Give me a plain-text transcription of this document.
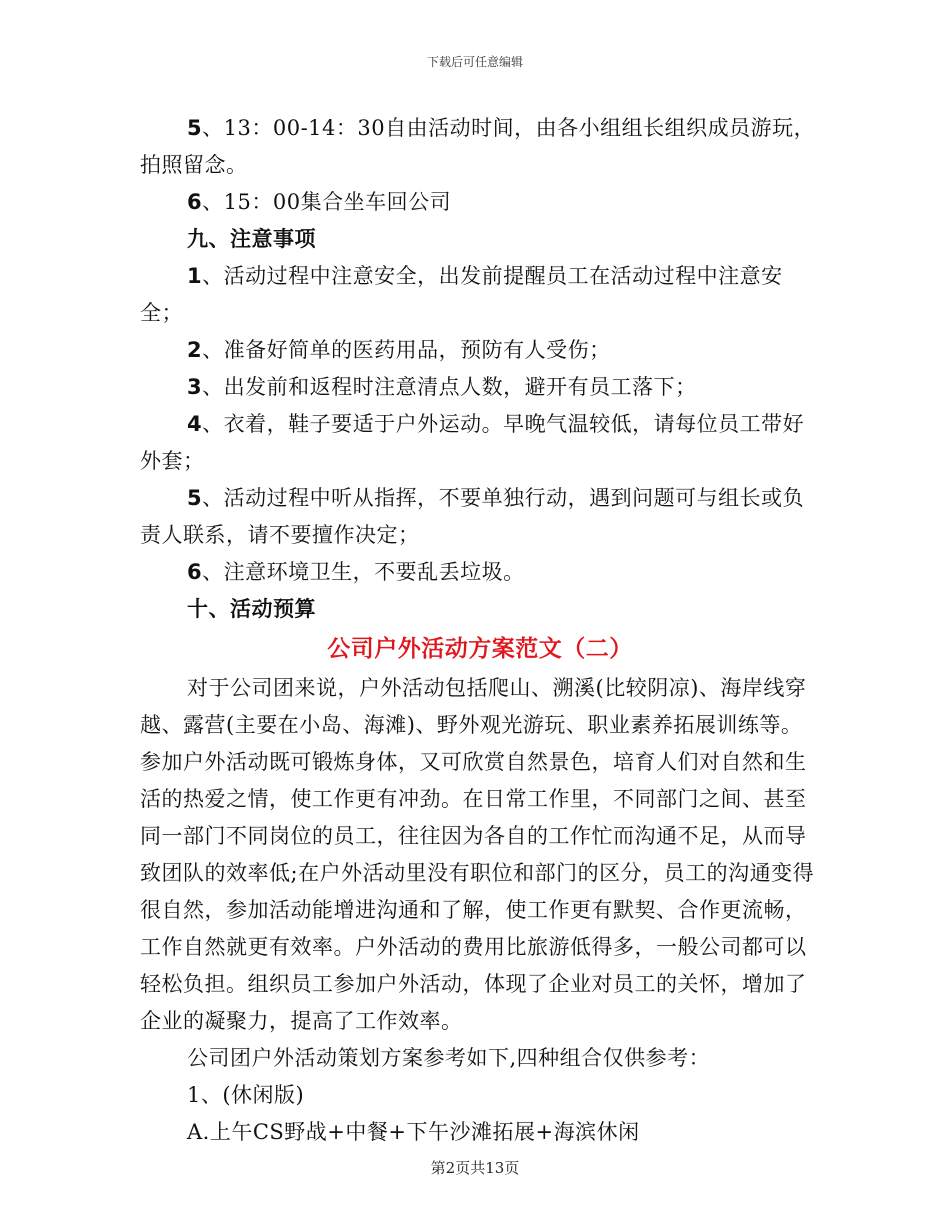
下载后可任意编辑

5、13：00-14：30自由活动时间，由各小组组长组织成员游玩，拍照留念。

6、15：00集合坐车回公司

九、注意事项

1、活动过程中注意安全，出发前提醒员工在活动过程中注意安全；

2、准备好简单的医药用品，预防有人受伤；

3、出发前和返程时注意清点人数，避开有员工落下；

4、衣着，鞋子要适于户外运动。早晚气温较低，请每位员工带好外套；

5、活动过程中听从指挥，不要单独行动，遇到问题可与组长或负责人联系，请不要擅作决定；

6、注意环境卫生，不要乱丢垃圾。

十、活动预算

公司户外活动方案范文（二）

对于公司团来说，户外活动包括爬山、溯溪(比较阴凉)、海岸线穿越、露营(主要在小岛、海滩)、野外观光游玩、职业素养拓展训练等。参加户外活动既可锻炼身体，又可欣赏自然景色，培育人们对自然和生活的热爱之情，使工作更有冲劲。在日常工作里，不同部门之间、甚至同一部门不同岗位的员工，往往因为各自的工作忙而沟通不足，从而导致团队的效率低;在户外活动里没有职位和部门的区分，员工的沟通变得很自然，参加活动能增进沟通和了解，使工作更有默契、合作更流畅，工作自然就更有效率。户外活动的费用比旅游低得多，一般公司都可以轻松负担。组织员工参加户外活动，体现了企业对员工的关怀，增加了企业的凝聚力，提高了工作效率。

公司团户外活动策划方案参考如下,四种组合仅供参考：

1、(休闲版)

A.上午CS野战+中餐+下午沙滩拓展+海滨休闲

第2页共13页
